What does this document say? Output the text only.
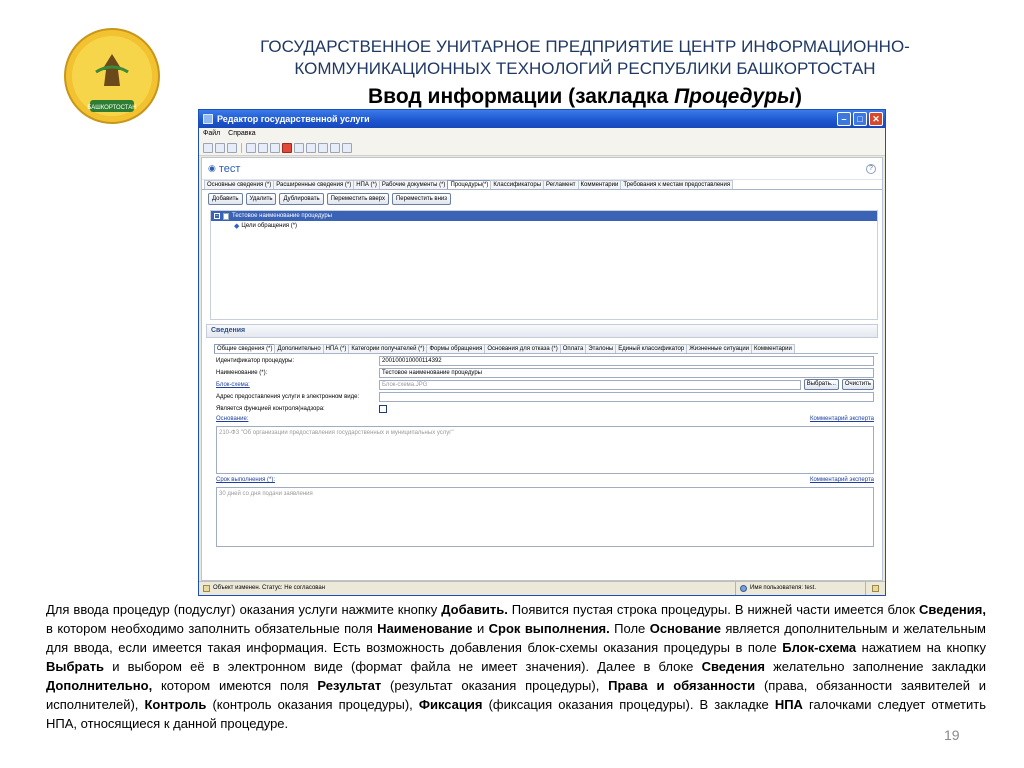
БАШКОРТОСТАН
ГОСУДАРСТВЕННОЕ УНИТАРНОЕ ПРЕДПРИЯТИЕ ЦЕНТР ИНФОРМАЦИОННО-
КОММУНИКАЦИОННЫХ ТЕХНОЛОГИЙ РЕСПУБЛИКИ БАШКОРТОСТАН
Ввод информации (закладка Процедуры)
Редактор государственной услуги	–	□	✕
Файл Справка
◉ тест	?
Основные сведения (*) Расширенные сведения (*) НПА (*) Рабочие документы (*) Процедуры(*) Классификаторы Регламент Комментарии Требования к местам предоставления
Добавить	Удалить	Дублировать	Переместить вверх	Переместить вниз
− Тестовое наименование процедуры
◆ Цели обращения (*)
Сведения
Общие сведения (*) Дополнительно НПА (*) Категории получателей (*) Формы обращения Основания для отказа (*) Оплата Эталоны Единый классификатор Жизненные ситуации Комментарии
Идентификатор процедуры:	200100010000114392
Наименование (*):	Тестовое наименование процедуры
Блок-схема:	Блок-схема.JPG	Выбрать...	Очистить
Адрес предоставления услуги в электронном виде:
Является функцией контроля(надзора:
Основание:	Комментарий эксперта
210-ФЗ "Об организации предоставления государственных и муниципальных услуг"
Срок выполнения (*):	Комментарий эксперта
30 дней со дня подачи заявления
Объект изменен. Статус: Не согласован	Имя пользователя: test.
Для ввода процедур (подуслуг) оказания услуги нажмите кнопку Добавить. Появится пустая строка процедуры. В нижней части имеется блок Сведения, в котором необходимо заполнить обязательные поля Наименование и Срок выполнения. Поле Основание является дополнительным и желательным для ввода, если имеется такая информация. Есть возможность добавления блок-схемы оказания процедуры в поле Блок-схема нажатием на кнопку Выбрать и выбором её в электронном виде (формат файла не имеет значения). Далее в блоке Сведения желательно заполнение закладки Дополнительно, котором имеются поля Результат (результат оказания процедуры), Права и обязанности (права, обязанности заявителей и исполнителей), Контроль (контроль оказания процедуры), Фиксация (фиксация оказания процедуры). В закладке НПА галочками следует отметить НПА, относящиеся к данной процедуре.
19
